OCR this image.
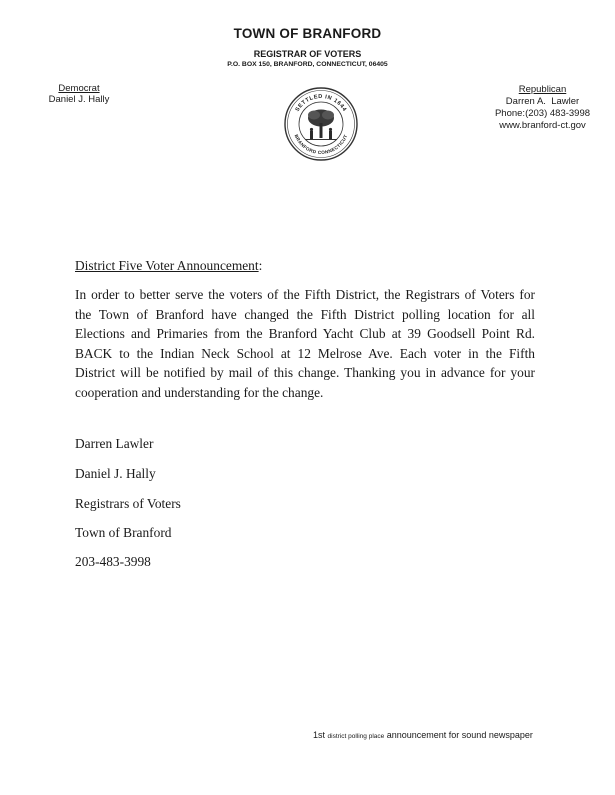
TOWN OF BRANFORD
REGISTRAR OF VOTERS
P.O. BOX 150, BRANFORD, CONNECTICUT, 06405
Democrat
Daniel J. Hally
SETTLED IN 1644
BRANFORD CONNECTICUT
Republican
Darren A.  Lawler
Phone:(203) 483-3998
www.branford-ct.gov
District Five Voter Announcement:
In order to better serve the voters of the Fifth District, the Registrars of Voters for
the Town of Branford have changed the Fifth District polling location for all
Elections and Primaries from the Branford Yacht Club at 39 Goodsell Point Rd.
BACK to the Indian Neck School at 12 Melrose Ave. Each voter in the Fifth
District will be notified by mail of this change. Thanking you in advance for your
cooperation and understanding for the change.
Darren Lawler
Daniel J. Hally
Registrars of Voters
Town of Branford
203-483-3998
1st district polling place announcement for sound newspaper
